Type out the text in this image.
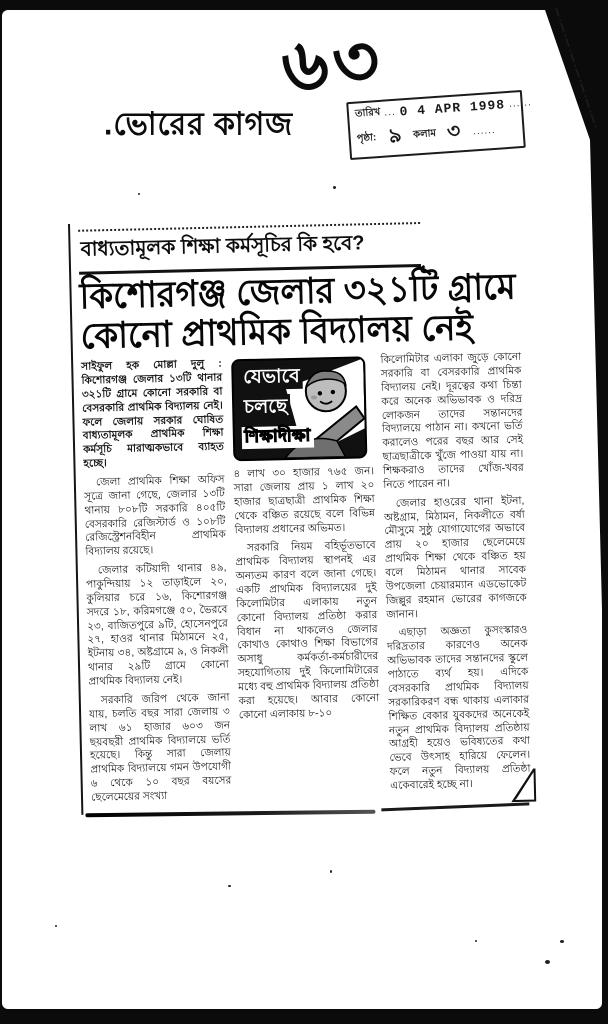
৬৩
.ভোরের কাগজ	তারিখ ... 0 4 APR 1998 ... ..
পৃষ্ঠা: ৯ কলাম ৩ ......
বাধ্যতামূলক শিক্ষা কর্মসূচির কি হবে?
কিশোরগঞ্জ জেলার ৩২১টি গ্রামে
কোনো প্রাথমিক বিদ্যালয় নেই

সাইফুল হক মোল্লা দুলু : কিশোরগঞ্জ জেলার ১৩টি থানার ৩২১টি গ্রামে কোনো সরকারি বা বেসরকারি প্রাথমিক বিদ্যালয় নেই। ফলে জেলায় সরকার ঘোষিত বাধ্যতামূলক প্রাথমিক শিক্ষা কর্মসূচি মারাত্মকভাবে ব্যাহত হচ্ছে।

জেলা প্রাথমিক শিক্ষা অফিস সূত্রে জানা গেছে, জেলার ১৩টি থানায় ৮০৮টি সরকারি ৪০৫টি বেসরকারি রেজিস্টার্ড ও ১০৮টি রেজিস্ট্রেশনবিহীন প্রাথমিক বিদ্যালয় রয়েছে।

জেলার কটিয়াদী থানার ৪৯, পাকুন্দিয়ায় ১২ তাড়াইলে ২০, কুলিয়ার চরে ১৬, কিশোরগঞ্জ সদরে ১৮, করিমগঞ্জে ৫০, ভৈরবে ২৩, বাজিতপুরে ৯টি, হোসেনপুরে ২৭, হাওর থানার মিঠামনে ২৫, ইটনায় ৩৪, অষ্টগ্রামে ৯, ও নিকলী থানার ২৯টি গ্রামে কোনো প্রাথমিক বিদ্যালয় নেই।

সরকারি জরিপ থেকে জানা যায়, চলতি বছর সারা জেলায় ৩ লাখ ৬১ হাজার ৬০৩ জন ছয়বছরী প্রাথমিক বিদ্যালয়ে ভর্তি হয়েছে। কিন্তু সারা জেলায় প্রাথমিক বিদ্যালয়ে গমন উপযোগী ৬ থেকে ১০ বছর বয়সের ছেলেমেয়ের সংখ্যা

যেভাবে
চলছে
শিক্ষাদীক্ষা

৪ লাখ ৩০ হাজার ৭৬৫ জন। সারা জেলায় প্রায় ১ লাখ ২০ হাজার ছাত্রছাত্রী প্রাথমিক শিক্ষা থেকে বঞ্চিত রয়েছে বলে বিভিন্ন বিদ্যালয় প্রধানের অভিমত।

সরকারি নিয়ম বহির্ভূতভাবে প্রাথমিক বিদ্যালয় স্থাপনই এর অন্যতম কারণ বলে জানা গেছে। একটি প্রাথমিক বিদ্যালয়ের দুই কিলোমিটার এলাকায় নতুন কোনো বিদ্যালয় প্রতিষ্ঠা করার বিধান না থাকলেও জেলার কোথাও কোথাও শিক্ষা বিভাগের অসাধু কর্মকর্তা-কর্মচারীদের সহযোগিতায় দুই কিলোমিটারের মধ্যে বহু প্রাথমিক বিদ্যালয় প্রতিষ্ঠা করা হয়েছে। আবার কোনো কোনো এলাকায় ৮-১০

কিলোমিটার এলাকা জুড়ে কোনো সরকারি বা বেসরকারি প্রাথমিক বিদ্যালয় নেই। দূরত্বের কথা চিন্তা করে অনেক অভিভাবক ও দরিদ্র লোকজন তাদের সন্তানদের বিদ্যালয়ে পাঠান না। কখনো ভর্তি করালেও পরের বছর আর সেই ছাত্রছাত্রীকে খুঁজে পাওয়া যায় না। শিক্ষকরাও তাদের খোঁজ-খবর নিতে পারেন না।

জেলার হাওরের থানা ইটনা, অষ্টগ্রাম, মিঠামন, নিকলীতে বর্ষা মৌসুমে সুষ্ঠু যোগাযোগের অভাবে প্রায় ২০ হাজার ছেলেমেয়ে প্রাথমিক শিক্ষা থেকে বঞ্চিত হয় বলে মিঠামন থানার সাবেক উপজেলা চেয়ারম্যান এডভোকেট জিল্লুর রহমান ভোরের কাগজকে জানান।

এছাড়া অজ্ঞতা কুসংস্কারও দরিদ্রতার কারণেও অনেক অভিভাবক তাদের সন্তানদের স্কুলে পাঠাতে ব্যর্থ হয়। এদিকে বেসরকারি প্রাথমিক বিদ্যালয় সরকারিকরণ বন্ধ থাকায় এলাকার শিক্ষিত বেকার যুবকদের অনেকেই নতুন প্রাথমিক বিদ্যালয় প্রতিষ্ঠায় আগ্রহী হয়েও ভবিষ্যতের কথা ভেবে উৎসাহ হারিয়ে ফেলেন। ফলে নতুন বিদ্যালয় প্রতিষ্ঠা একেবারেই হচ্ছে না।
